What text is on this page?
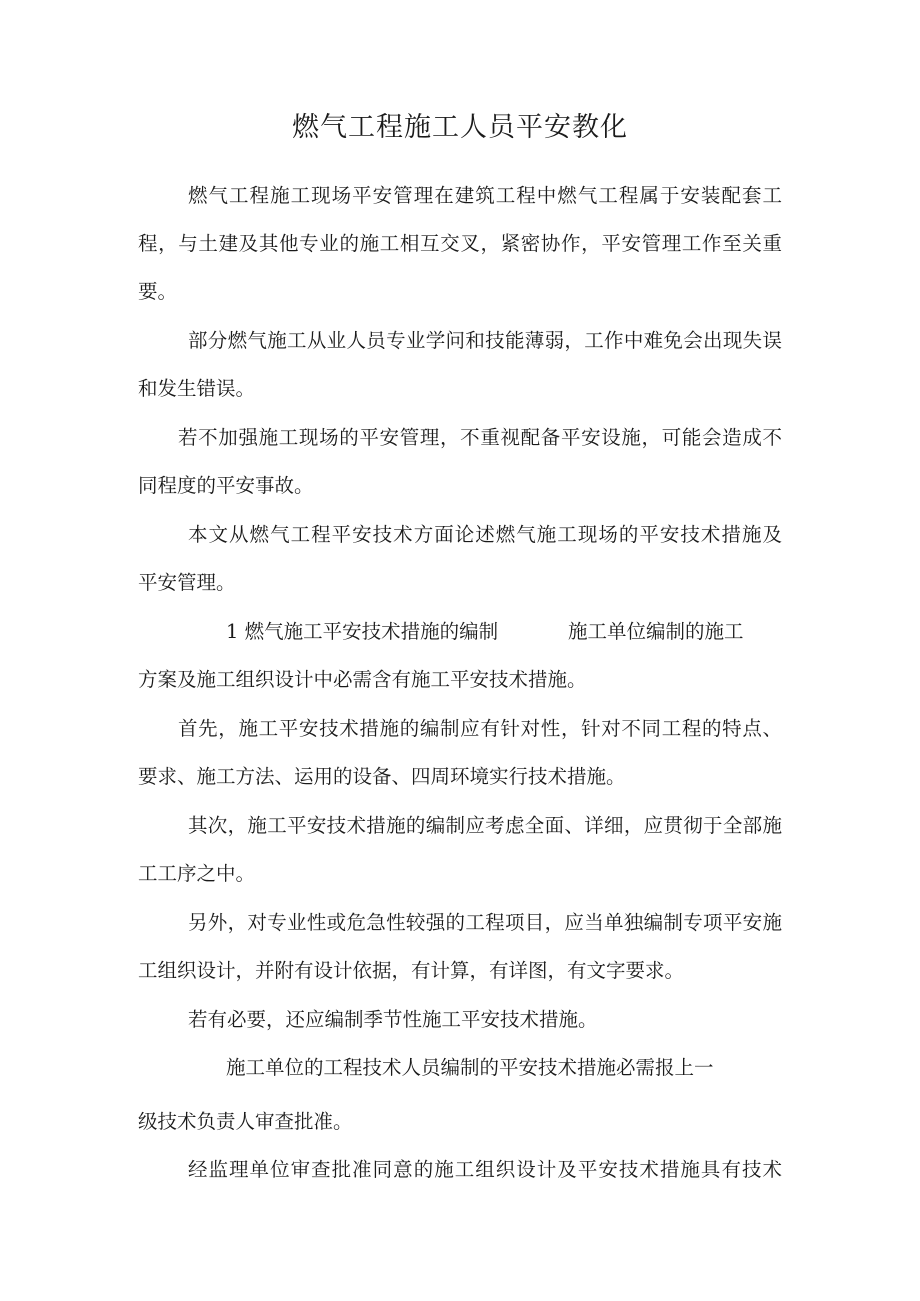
燃气工程施工人员平安教化
燃气工程施工现场平安管理在建筑工程中燃气工程属于安装配套工
程，与土建及其他专业的施工相互交叉，紧密协作，平安管理工作至关重
要。
部分燃气施工从业人员专业学问和技能薄弱，工作中难免会出现失误
和发生错误。
若不加强施工现场的平安管理，不重视配备平安设施，可能会造成不
同程度的平安事故。
本文从燃气工程平安技术方面论述燃气施工现场的平安技术措施及
平安管理。
1 燃气施工平安技术措施的编制	施工单位编制的施工
方案及施工组织设计中必需含有施工平安技术措施。
首先，施工平安技术措施的编制应有针对性，针对不同工程的特点、
要求、施工方法、运用的设备、四周环境实行技术措施。
其次，施工平安技术措施的编制应考虑全面、详细，应贯彻于全部施
工工序之中。
另外，对专业性或危急性较强的工程项目，应当单独编制专项平安施
工组织设计，并附有设计依据，有计算，有详图，有文字要求。
若有必要，还应编制季节性施工平安技术措施。
施工单位的工程技术人员编制的平安技术措施必需报上一
级技术负责人审查批准。
经监理单位审查批准同意的施工组织设计及平安技术措施具有技术
